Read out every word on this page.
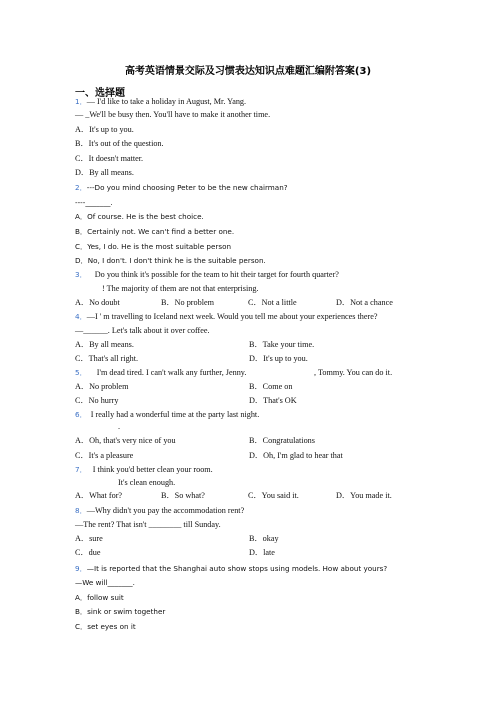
高考英语情景交际及习惯表达知识点难题汇编附答案(3)
一、选择题
1．— I'd like to take a holiday in August, Mr. Yang.
— _We'll be busy then. You'll have to make it another time.
A．It's up to you.
B．It's out of the question.
C．It doesn't matter.
D．By all means.
2．---Do you mind choosing Peter to be the new chairman?
----_______.
A．Of course. He is the best choice.
B．Certainly not. We can't find a better one.
C．Yes, I do. He is the most suitable person
D．No, I don't. I don't think he is the suitable person.
3． Do you think it's possible for the team to hit their target for fourth quarter?
! The majority of them are not that enterprising.
A．No doubt	B．No problem	C．Not a little	D．Not a chance
4．—I ' m travelling to Iceland next week. Would you tell me about your experiences there?
—______. Let's talk about it over coffee.
A．By all means.	B．Take your time.
C．That's all right.	D．It's up to you.
5． I'm dead tired. I can't walk any further, Jenny.	, Tommy. You can do it.
A．No problem	B．Come on
C．No hurry	D．That's OK
6． I really had a wonderful time at the party last night.
.
A．Oh, that's very nice of you	B．Congratulations
C．It's a pleasure	D．Oh, I'm glad to hear that
7． I think you'd better clean your room.
It's clean enough.
A．What for?	B．So what?	C．You said it.	D．You made it.
8．—Why didn't you pay the accommodation rent?
—The rent? That isn't ________ till Sunday.
A．sure	B．okay
C．due	D．late
9．—It is reported that the Shanghai auto show stops using models. How about yours?
—We will_______.
A．follow suit
B．sink or swim together
C．set eyes on it
